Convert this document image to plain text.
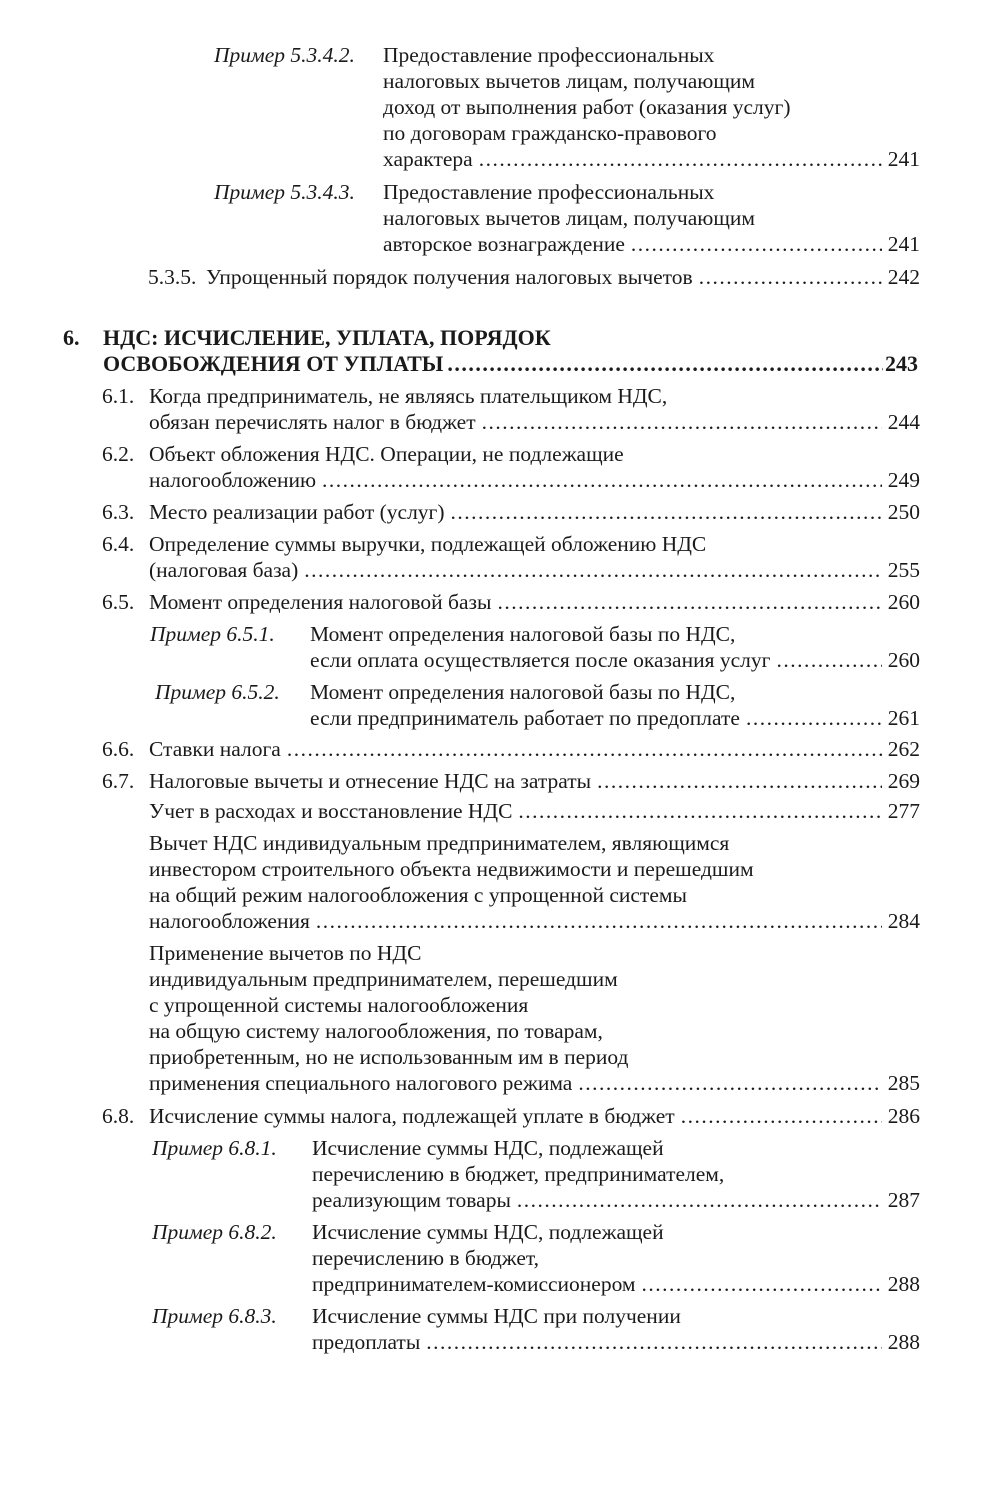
Пример 5.3.4.2. Предоставление профессиональных
налоговых вычетов лицам, получающим
доход от выполнения работ (оказания услуг)
по договорам гражданско-правового
характера .....	241
Пример 5.3.4.3. Предоставление профессиональных
налоговых вычетов лицам, получающим
авторское вознаграждение .....	241
5.3.5. Упрощенный порядок получения налоговых вычетов .....	242
6. НДС: ИСЧИСЛЕНИЕ, УПЛАТА, ПОРЯДОК
ОСВОБОЖДЕНИЯ ОТ УПЛАТЫ .....	243
6.1. Когда предприниматель, не являясь плательщиком НДС,
обязан перечислять налог в бюджет .....	244
6.2. Объект обложения НДС. Операции, не подлежащие
налогообложению .....	249
6.3. Место реализации работ (услуг) .....	250
6.4. Определение суммы выручки, подлежащей обложению НДС
(налоговая база) .....	255
6.5. Момент определения налоговой базы .....	260
Пример 6.5.1. Момент определения налоговой базы по НДС,
если оплата осуществляется после оказания услуг .....	260
Пример 6.5.2. Момент определения налоговой базы по НДС,
если предприниматель работает по предоплате .....	261
6.6. Ставки налога .....	262
6.7. Налоговые вычеты и отнесение НДС на затраты .....	269
Учет в расходах и восстановление НДС .....	277
Вычет НДС индивидуальным предпринимателем, являющимся
инвестором строительного объекта недвижимости и перешедшим
на общий режим налогообложения с упрощенной системы
налогообложения .....	284
Применение вычетов по НДС
индивидуальным предпринимателем, перешедшим
с упрощенной системы налогообложения
на общую систему налогообложения, по товарам,
приобретенным, но не использованным им в период
применения специального налогового режима .....	285
6.8. Исчисление суммы налога, подлежащей уплате в бюджет .....	286
Пример 6.8.1. Исчисление суммы НДС, подлежащей
перечислению в бюджет, предпринимателем,
реализующим товары .....	287
Пример 6.8.2. Исчисление суммы НДС, подлежащей
перечислению в бюджет,
предпринимателем-комиссионером .....	288
Пример 6.8.3. Исчисление суммы НДС при получении
предоплаты .....	288
